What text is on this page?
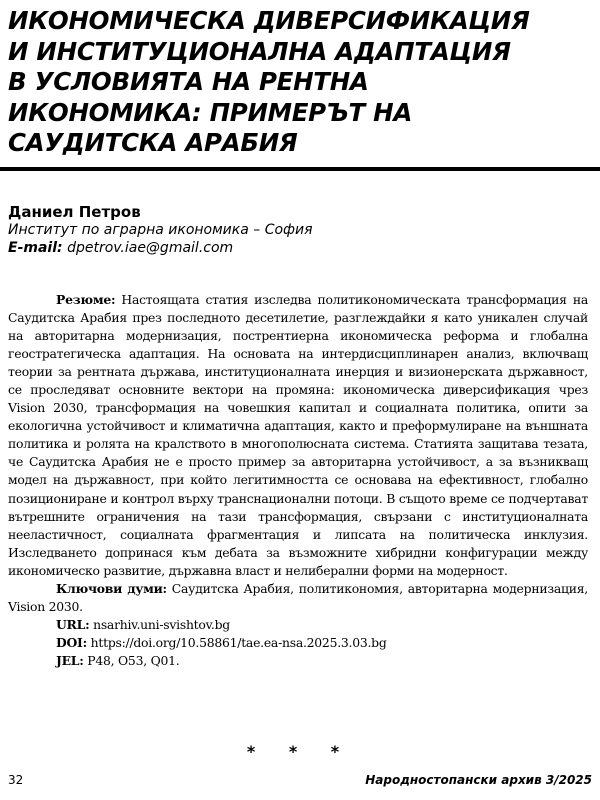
ИКОНОМИЧЕСКА ДИВЕРСИФИКАЦИЯ
И ИНСТИТУЦИОНАЛНА АДАПТАЦИЯ
В УСЛОВИЯТА НА РЕНТНА
ИКОНОМИКА: ПРИМЕРЪТ НА
САУДИТСКА АРАБИЯ
Даниел Петров
Институт по аграрна икономика – София
E-mail: dpetrov.iae@gmail.com

Резюме: Настоящата статия изследва политикономическата трансформация на Саудитска Арабия през последното десетилетие, разглеждайки я като уникален случай на авторитарна модернизация, пострентиерна икономическа реформа и глобална геостратегическа адаптация. На основата на интердисциплинарен анализ, включващ теории за рентната държава, институционалната инерция и визионерската държавност, се проследяват основните вектори на промяна: икономическа диверсификация чрез Vision 2030, трансформация на човешкия капитал и социалната политика, опити за екологична устойчивост и климатична адаптация, както и преформулиране на външната политика и ролята на кралството в многополюсната система. Статията защитава тезата, че Саудитска Арабия не е просто пример за авторитарна устойчивост, а за възникващ модел на държавност, при който легитимността се основава на ефективност, глобално позициониране и контрол върху транснационални потоци. В същото време се подчертават вътрешните ограничения на тази трансформация, свързани с институционалната нееластичност, социалната фрагментация и липсата на политическа инклузия. Изследването допринася към дебата за възможните хибридни конфигурации между икономическо развитие, държавна власт и нелиберални форми на модерност.

Ключови думи: Саудитска Арабия, политикономия, авторитарна модернизация, Vision 2030.

URL: nsarhiv.uni-svishtov.bg

DOI: https://doi.org/10.58861/tae.ea-nsa.2025.3.03.bg

JEL: P48, O53, Q01.

* * *
32	Народностопански архив 3/2025
